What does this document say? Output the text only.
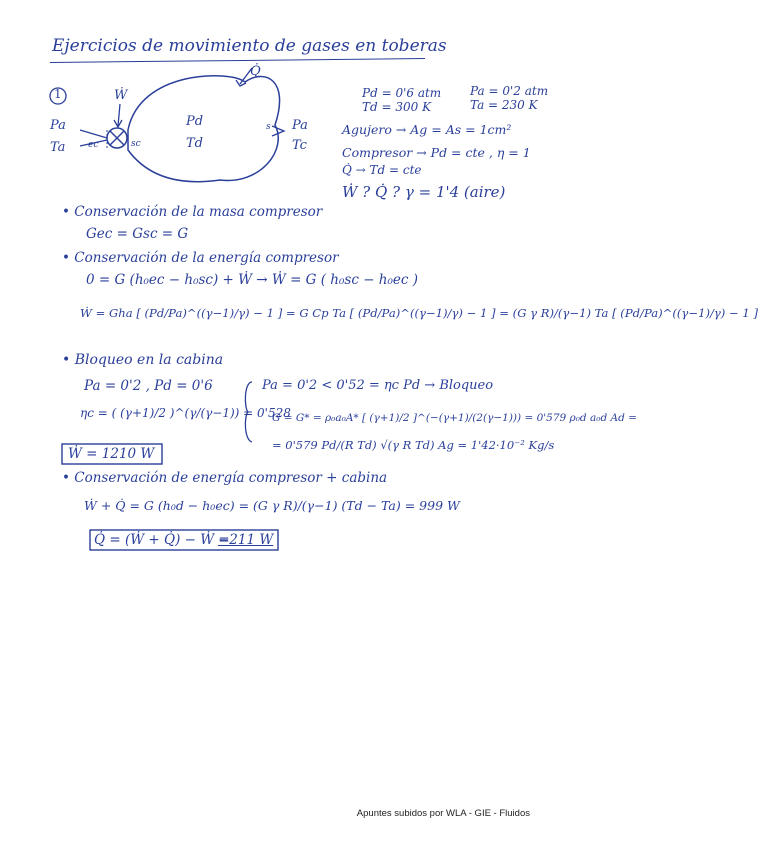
Ejercicios de movimiento de gases en toberas
1
Pa
Ta
Ẇ
ec	sc
Q̇
Pd
Td
s Pa
Tc
Pd = 0'6 atm
Td = 300 K
Pa = 0'2 atm
Ta = 230 K
Agujero → Ag = As = 1cm²
Compresor → Pd = cte , η = 1
Q̇ → Td = cte
Ẇ ? Q̇ ? γ = 1'4 (aire)
• Conservación de la masa compresor
Gec = Gsc = G
• Conservación de la energía compresor
0 = G (h₀ec − h₀sc) + Ẇ → Ẇ = G ( h₀sc − h₀ec )
Ẇ = Gha [ (Pd/Pa)^((γ−1)/γ) − 1 ] = G Cp Ta [ (Pd/Pa)^((γ−1)/γ) − 1 ] = (G γ R)/(γ−1) Ta [ (Pd/Pa)^((γ−1)/γ) − 1 ]
• Bloqueo en la cabina
Pa = 0'2 , Pd = 0'6
ηc = ( (γ+1)/2 )^(γ/(γ−1)) = 0'528
Pa = 0'2 < 0'52 = ηc Pd → Bloqueo
G = G* = ρ₀a₀A* [ (γ+1)/2 ]^(−(γ+1)/(2(γ−1))) = 0'579 ρ₀d a₀d Ad =
= 0'579 Pd/(R Td) √(γ R Td) Ag = 1'42·10⁻² Kg/s
Ẇ = 1210 W
• Conservación de energía compresor + cabina
Ẇ + Q̇ = G (h₀d − h₀ec) = (G γ R)/(γ−1) (Td − Ta) = 999 W
Q̇ = (Ẇ + Q̇) − Ẇ =
−211 W
Apuntes subidos por WLA - GIE - Fluidos
